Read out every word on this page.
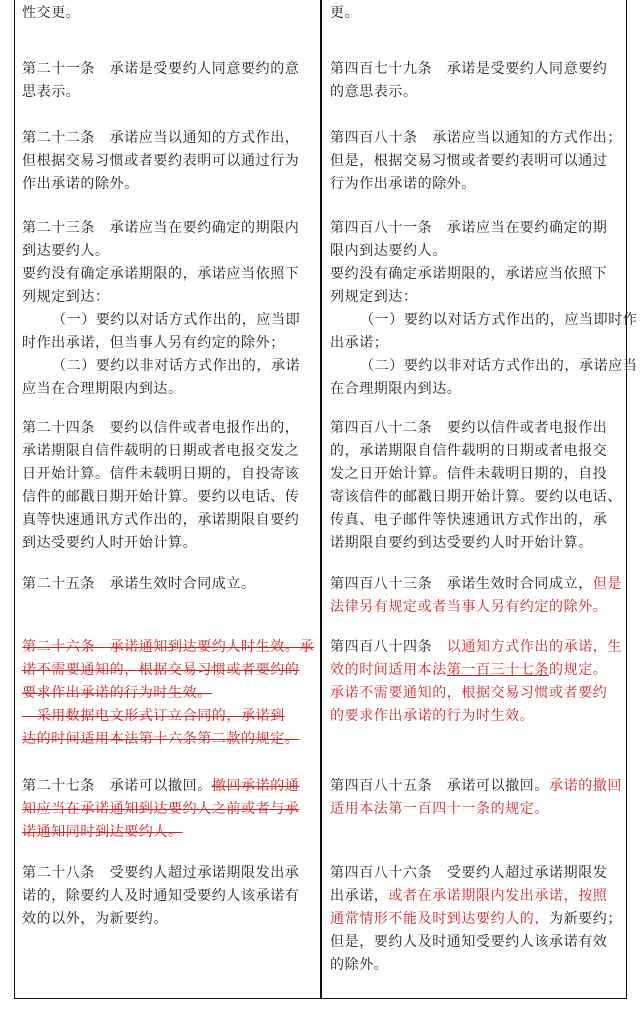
性交更。
第二十一条　承诺是受要约人同意要约的意
思表示。
第二十二条　承诺应当以通知的方式作出，
但根据交易习惯或者要约表明可以通过行为
作出承诺的除外。
第二十三条　承诺应当在要约确定的期限内
到达要约人。
要约没有确定承诺期限的，承诺应当依照下
列规定到达：
（一）要约以对话方式作出的，应当即
时作出承诺，但当事人另有约定的除外；
（二）要约以非对话方式作出的，承诺
应当在合理期限内到达。
第二十四条　要约以信件或者电报作出的，
承诺期限自信件载明的日期或者电报交发之
日开始计算。信件未载明日期的，自投寄该
信件的邮戳日期开始计算。要约以电话、传
真等快速通讯方式作出的，承诺期限自要约
到达受要约人时开始计算。
第二十五条　承诺生效时合同成立。
第二十六条　承诺通知到达要约人时生效。承
诺不需要通知的，根据交易习惯或者要约的
要求作出承诺的行为时生效。
　采用数据电文形式订立合同的，承诺到
达的时间适用本法第十六条第二款的规定。
第二十七条　承诺可以撤回。撤回承诺的通
知应当在承诺通知到达要约人之前或者与承
诺通知同时到达要约人。
第二十八条　受要约人超过承诺期限发出承
诺的，除要约人及时通知受要约人该承诺有
效的以外，为新要约。
更。
第四百七十九条　承诺是受要约人同意要约
的意思表示。
第四百八十条　承诺应当以通知的方式作出；
但是，根据交易习惯或者要约表明可以通过
行为作出承诺的除外。
第四百八十一条　承诺应当在要约确定的期
限内到达要约人。
要约没有确定承诺期限的，承诺应当依照下
列规定到达：
（一）要约以对话方式作出的，应当即时作
出承诺；
（二）要约以非对话方式作出的，承诺应当
在合理期限内到达。
第四百八十二条　要约以信件或者电报作出
的，承诺期限自信件载明的日期或者电报交
发之日开始计算。信件未载明日期的，自投
寄该信件的邮戳日期开始计算。要约以电话、
传真、电子邮件等快速通讯方式作出的，承
诺期限自要约到达受要约人时开始计算。
第四百八十三条　承诺生效时合同成立，但是
法律另有规定或者当事人另有约定的除外。
第四百八十四条　以通知方式作出的承诺，生
效的时间适用本法第一百三十七条的规定。
承诺不需要通知的，根据交易习惯或者要约
的要求作出承诺的行为时生效。
第四百八十五条　承诺可以撤回。承诺的撤回
适用本法第一百四十一条的规定。
第四百八十六条　受要约人超过承诺期限发
出承诺，或者在承诺期限内发出承诺，按照
通常情形不能及时到达要约人的，为新要约；
但是，要约人及时通知受要约人该承诺有效
的除外。
